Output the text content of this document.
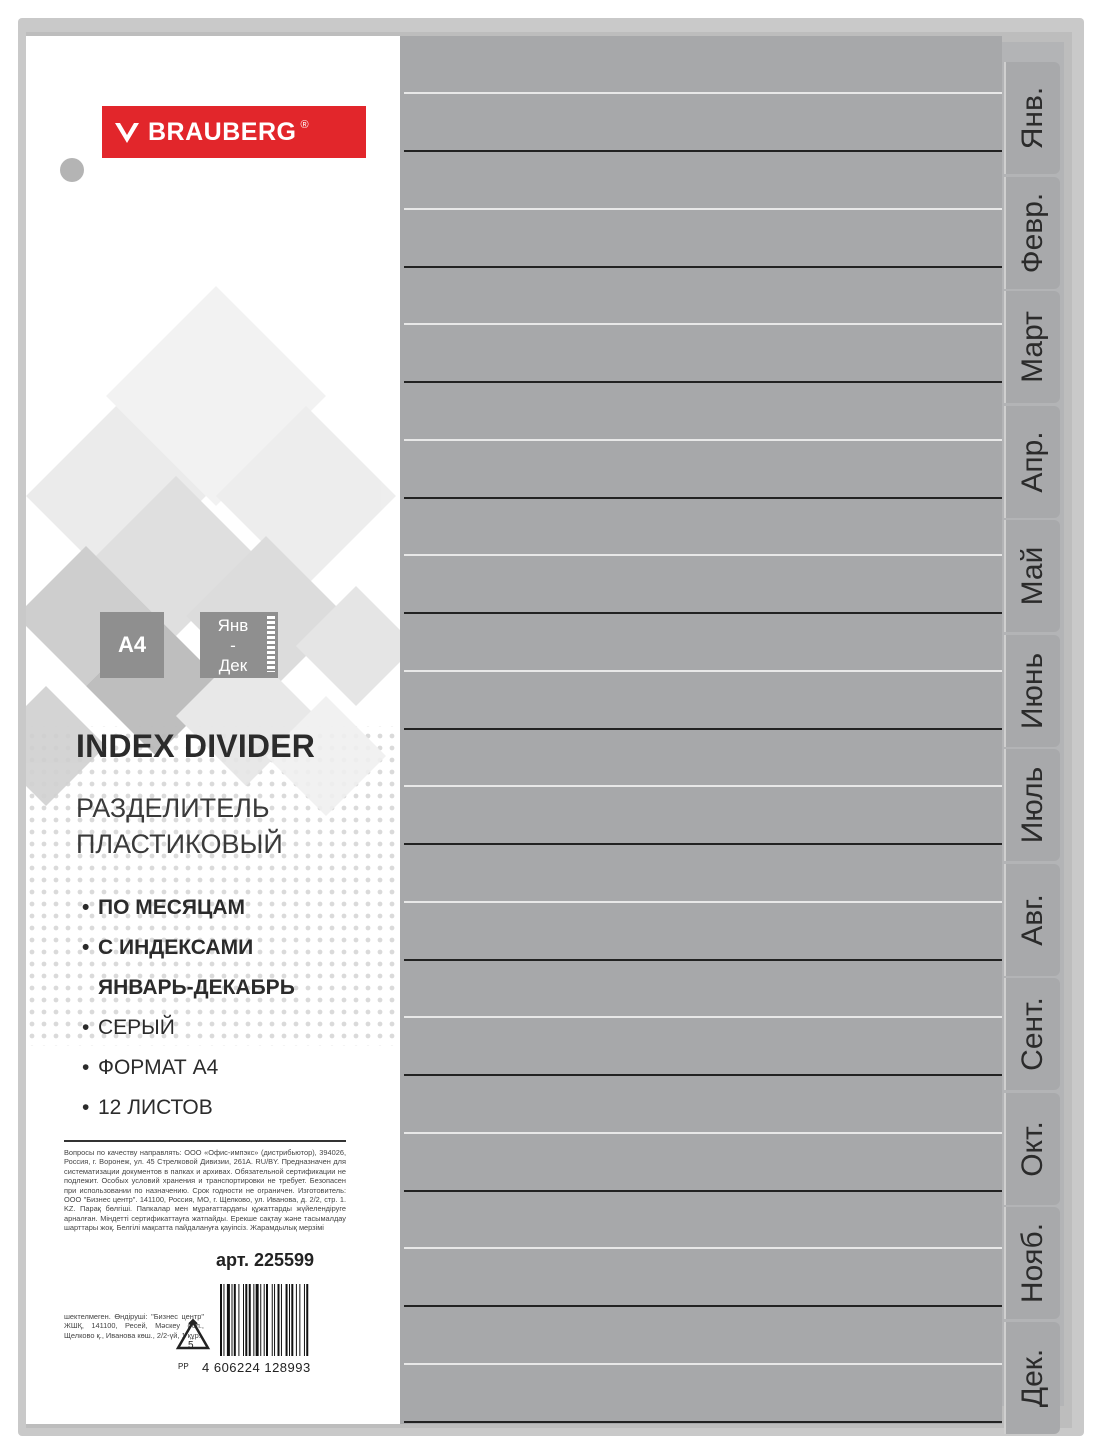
Янв.
Февр.
Март
Апр.
Май
Июнь
Июль
Авг.
Сент.
Окт.
Нояб.
Дек.
BRAUBERG ®
A4
Янв
-
Дек
INDEX DIVIDER
РАЗДЕЛИТЕЛЬ
ПЛАСТИКОВЫЙ
• ПО МЕСЯЦАМ
• С ИНДЕКСАМИ
ЯНВАРЬ-ДЕКАБРЬ
• СЕРЫЙ
• ФОРМАТ А4
• 12 ЛИСТОВ
Вопросы по качеству направлять: ООО «Офис-импэкс» (дистрибьютор), 394026, Россия, г. Воронеж, ул. 45 Стрелковой Дивизии, 261А. RU/BY. Предназначен для систематизации документов в папках и архивах. Обязательной сертификации не подлежит. Особых условий хранения и транспортировки не требует. Безопасен при использовании по назначению. Срок годности не ограничен. Изготовитель: ООО "Бизнес центр". 141100, Россия, МО, г. Щелково, ул. Иванова, д. 2/2, стр. 1. KZ. Парақ бөлгіші. Папкалар мен мұрағаттардағы құжаттарды жүйелендіруге арналған. Міндетті сертификаттауға жатпайды. Ерекше сақтау және тасымалдау шарттары жоқ. Белгілі мақсатта пайдалануға қауіпсіз. Жарамдылық мерзімі
шектелмеген. Өндіруші: "Бизнес центр" ЖШҚ, 141100, Ресей, Мәскеу обл., Щелково қ., Иванова көш., 2/2-үй, 1 құр.
арт. 225599
5
PP 4 606224 128993
